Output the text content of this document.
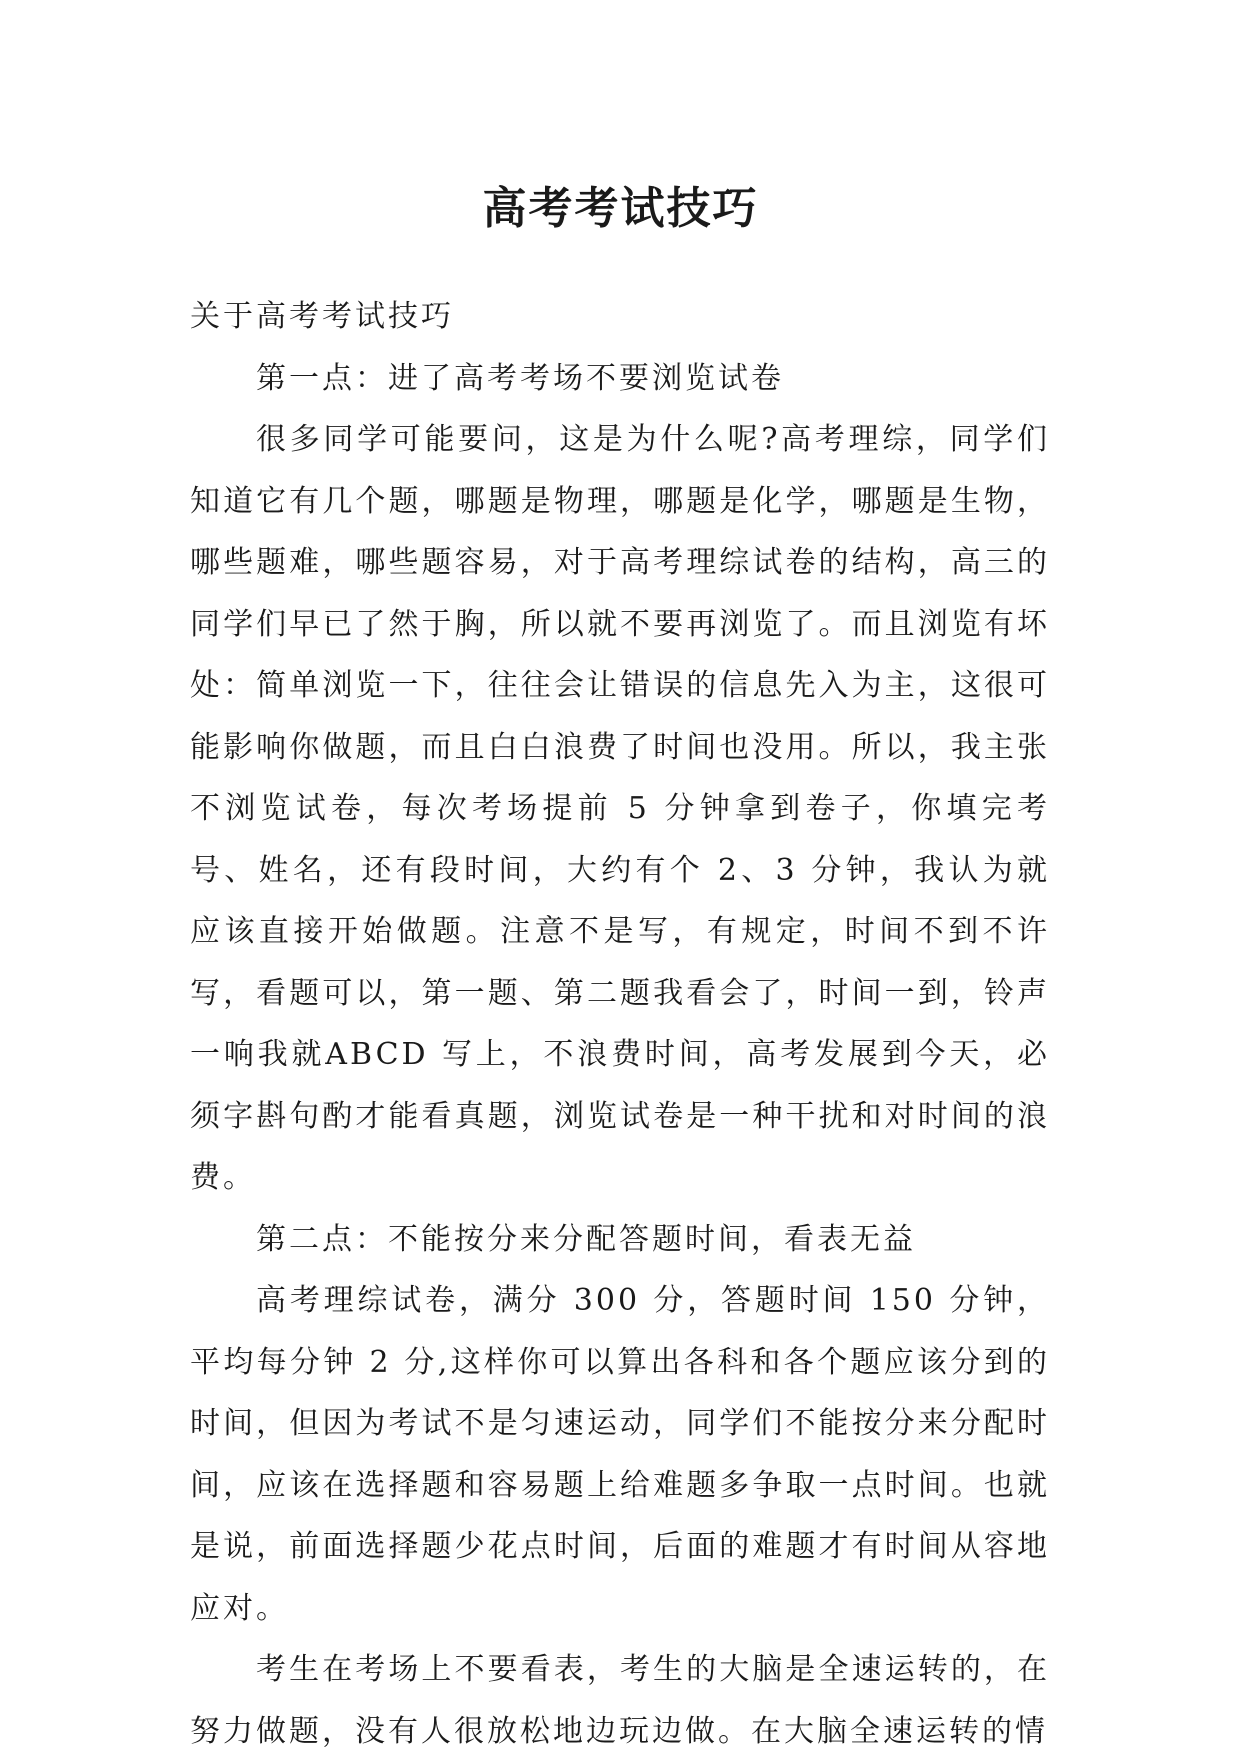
高考考试技巧

关于高考考试技巧

第一点：进了高考考场不要浏览试卷

很多同学可能要问，这是为什么呢?高考理综，同学们知道它有几个题，哪题是物理，哪题是化学，哪题是生物，哪些题难，哪些题容易，对于高考理综试卷的结构，高三的同学们早已了然于胸，所以就不要再浏览了。而且浏览有坏处：简单浏览一下，往往会让错误的信息先入为主，这很可能影响你做题，而且白白浪费了时间也没用。所以，我主张不浏览试卷，每次考场提前 5 分钟拿到卷子，你填完考号、姓名，还有段时间，大约有个 2、3 分钟，我认为就应该直接开始做题。注意不是写，有规定，时间不到不许写，看题可以，第一题、第二题我看会了，时间一到，铃声一响我就ABCD 写上，不浪费时间，高考发展到今天，必须字斟句酌才能看真题，浏览试卷是一种干扰和对时间的浪费。

第二点：不能按分来分配答题时间，看表无益

高考理综试卷，满分 300 分，答题时间 150 分钟，平均每分钟 2 分,这样你可以算出各科和各个题应该分到的时间，但因为考试不是匀速运动，同学们不能按分来分配时间，应该在选择题和容易题上给难题多争取一点时间。也就是说，前面选择题少花点时间，后面的难题才有时间从容地应对。

考生在考场上不要看表，考生的大脑是全速运转的，在努力做题，没有人很放松地边玩边做。在大脑全速运转的情
